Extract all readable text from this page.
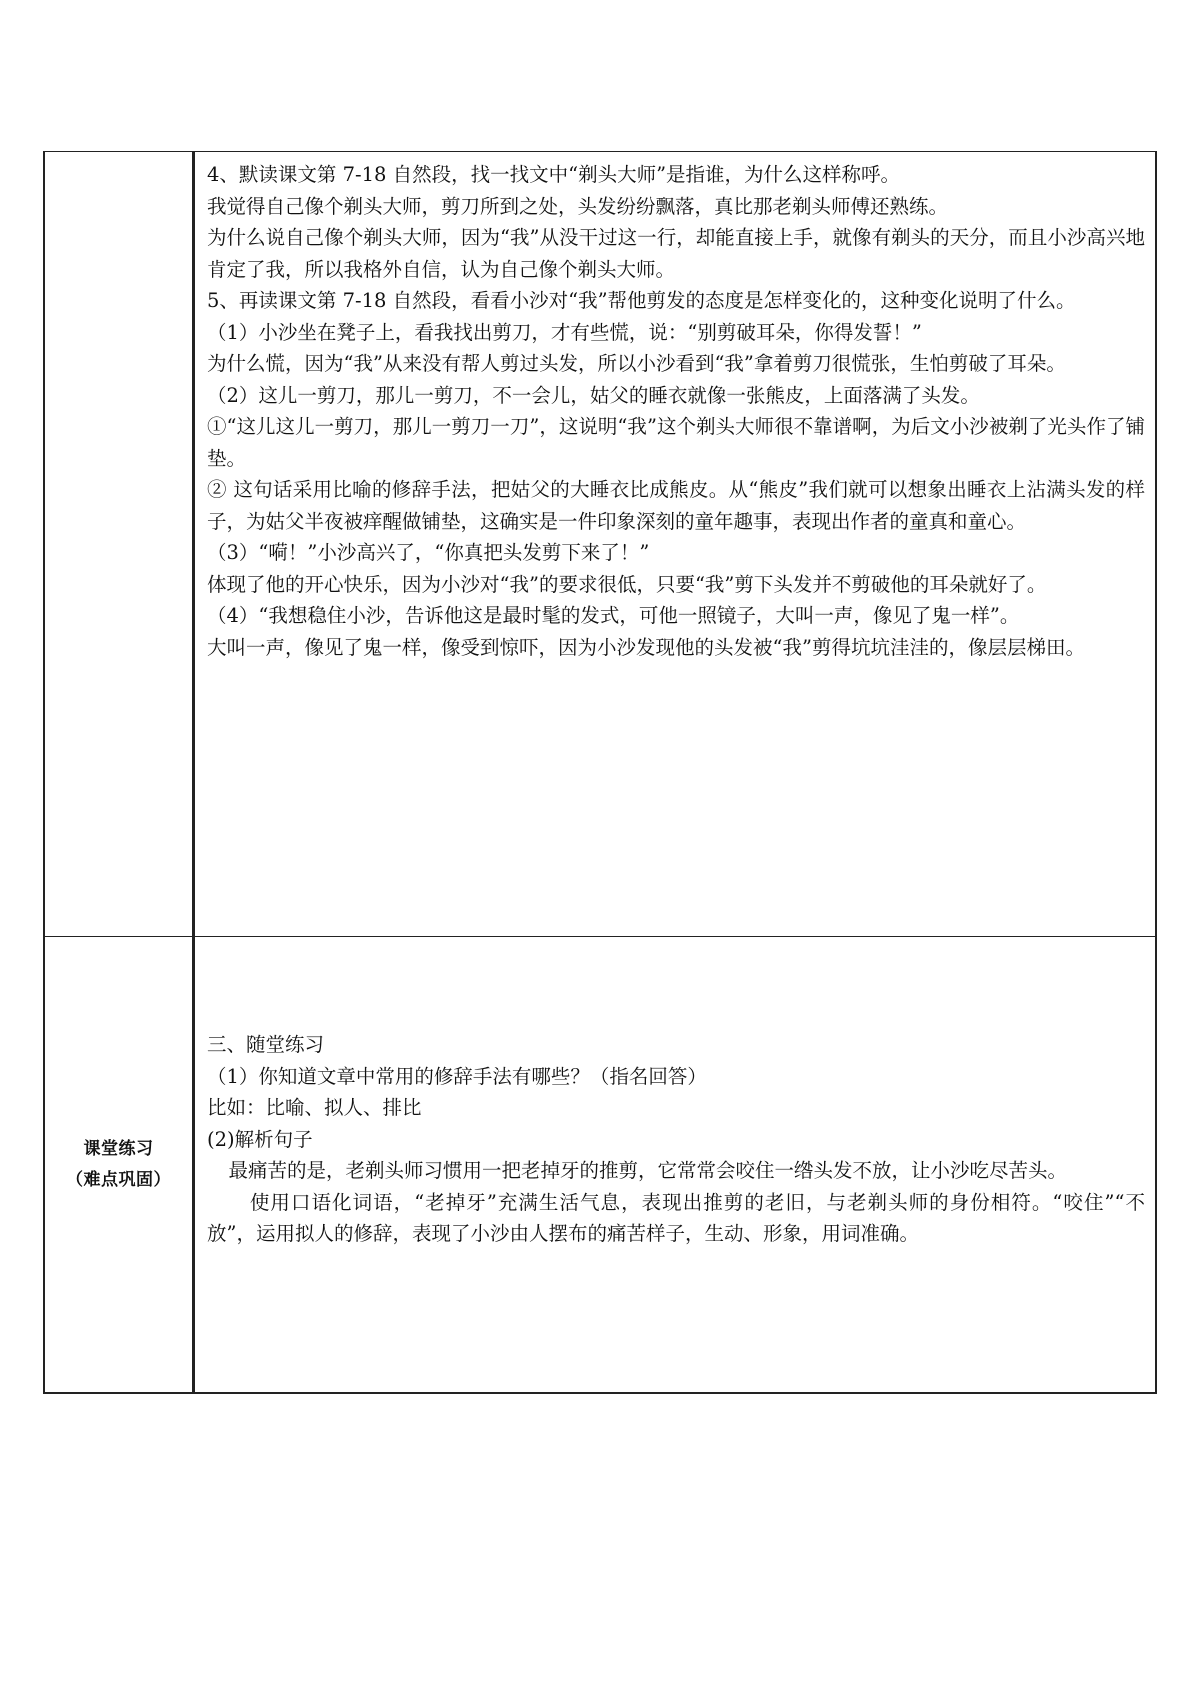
4、默读课文第 7-18 自然段，找一找文中“剃头大师”是指谁，为什么这样称呼。

我觉得自己像个剃头大师，剪刀所到之处，头发纷纷飘落，真比那老剃头师傅还熟练。

为什么说自己像个剃头大师，因为“我”从没干过这一行，却能直接上手，就像有剃头的天分，而且小沙高兴地肯定了我，所以我格外自信，认为自己像个剃头大师。

5、再读课文第 7-18 自然段，看看小沙对“我”帮他剪发的态度是怎样变化的，这种变化说明了什么。

（1）小沙坐在凳子上，看我找出剪刀，才有些慌，说：“别剪破耳朵，你得发誓！”

为什么慌，因为“我”从来没有帮人剪过头发，所以小沙看到“我”拿着剪刀很慌张，生怕剪破了耳朵。

（2）这儿一剪刀，那儿一剪刀，不一会儿，姑父的睡衣就像一张熊皮，上面落满了头发。

①“这儿这儿一剪刀，那儿一剪刀一刀”，这说明“我”这个剃头大师很不靠谱啊，为后文小沙被剃了光头作了铺垫。

② 这句话采用比喻的修辞手法，把姑父的大睡衣比成熊皮。从“熊皮”我们就可以想象出睡衣上沾满头发的样子，为姑父半夜被痒醒做铺垫，这确实是一件印象深刻的童年趣事，表现出作者的童真和童心。

（3）“嗬！”小沙高兴了，“你真把头发剪下来了！”

体现了他的开心快乐，因为小沙对“我”的要求很低，只要“我”剪下头发并不剪破他的耳朵就好了。

（4）“我想稳住小沙，告诉他这是最时髦的发式，可他一照镜子，大叫一声，像见了鬼一样”。

大叫一声，像见了鬼一样，像受到惊吓，因为小沙发现他的头发被“我”剪得坑坑洼洼的，像层层梯田。

课堂练习
（难点巩固）

三、随堂练习

（1）你知道文章中常用的修辞手法有哪些？（指名回答）

比如：比喻、拟人、排比

(2)解析句子

最痛苦的是，老剃头师习惯用一把老掉牙的推剪，它常常会咬住一绺头发不放，让小沙吃尽苦头。

使用口语化词语，“老掉牙”充满生活气息，表现出推剪的老旧，与老剃头师的身份相符。“咬住”“不放”，运用拟人的修辞，表现了小沙由人摆布的痛苦样子，生动、形象，用词准确。
